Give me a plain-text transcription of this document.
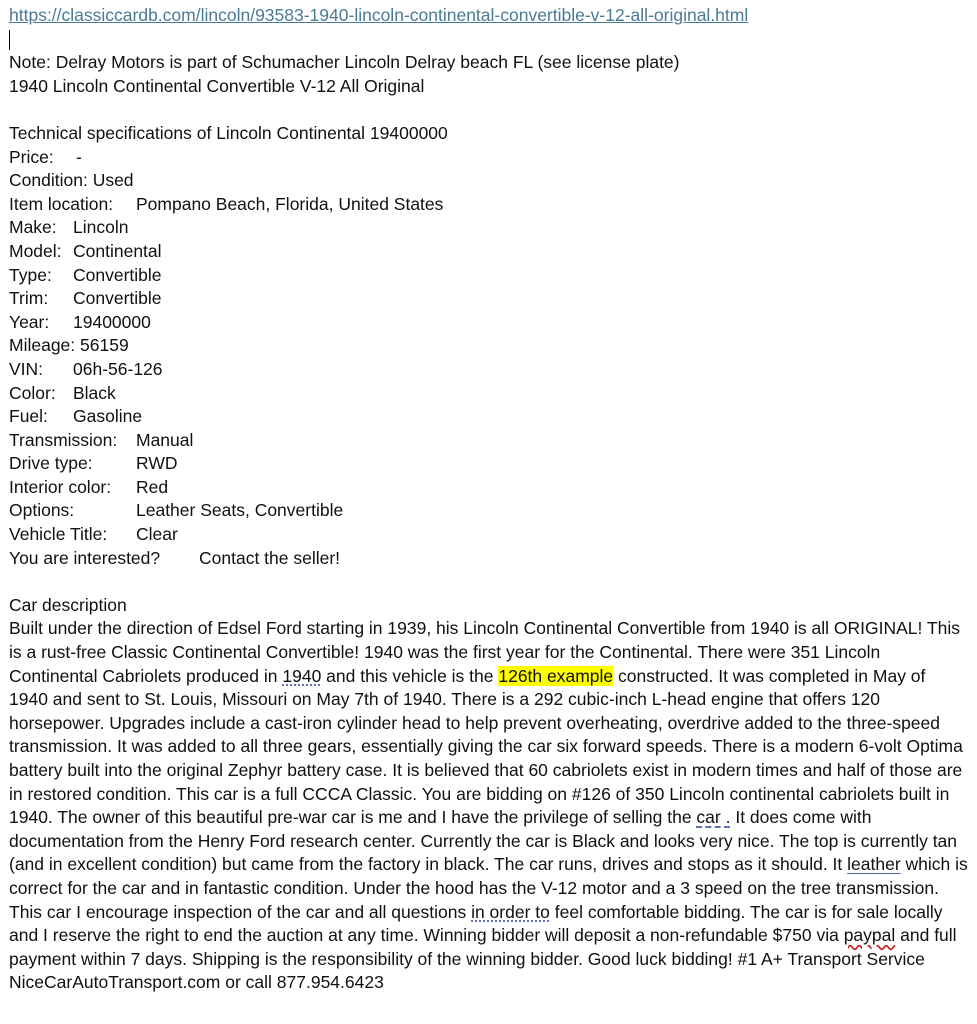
https://classiccardb.com/lincoln/93583-1940-lincoln-continental-convertible-v-12-all-original.html
Note: Delray Motors is part of Schumacher Lincoln Delray beach FL (see license plate)
1940 Lincoln Continental Convertible V-12 All Original
Technical specifications of Lincoln Continental 19400000
Price: -
Condition: Used
Item location: Pompano Beach, Florida, United States
Make: Lincoln
Model: Continental
Type: Convertible
Trim: Convertible
Year: 19400000
Mileage: 56159
VIN: 06h-56-126
Color: Black
Fuel: Gasoline
Transmission: Manual
Drive type: RWD
Interior color: Red
Options:	Leather Seats, Convertible
Vehicle Title: Clear
You are interested? Contact the seller!
Car description

Built under the direction of Edsel Ford starting in 1939, his Lincoln Continental Convertible from 1940 is all ORIGINAL! This is a rust-free Classic Continental Convertible! 1940 was the first year for the Continental. There were 351 Lincoln Continental Cabriolets produced in 1940 and this vehicle is the 126th example constructed. It was completed in May of 1940 and sent to St. Louis, Missouri on May 7th of 1940. There is a 292 cubic-inch L-head engine that offers 120 horsepower. Upgrades include a cast-iron cylinder head to help prevent overheating, overdrive added to the three-speed transmission. It was added to all three gears, essentially giving the car six forward speeds. There is a modern 6-volt Optima battery built into the original Zephyr battery case. It is believed that 60 cabriolets exist in modern times and half of those are in restored condition. This car is a full CCCA Classic. You are bidding on #126 of 350 Lincoln continental cabriolets built in 1940. The owner of this beautiful pre-war car is me and I have the privilege of selling the car . It does come with documentation from the Henry Ford research center. Currently the car is Black and looks very nice. The top is currently tan (and in excellent condition) but came from the factory in black. The car runs, drives and stops as it should. It leather which is correct for the car and in fantastic condition. Under the hood has the V-12 motor and a 3 speed on the tree transmission. This car I encourage inspection of the car and all questions in order to feel comfortable bidding. The car is for sale locally and I reserve the right to end the auction at any time. Winning bidder will deposit a non-refundable $750 via paypal and full payment within 7 days. Shipping is the responsibility of the winning bidder. Good luck bidding! #1 A+ Transport Service NiceCarAutoTransport.com or call 877.954.6423
